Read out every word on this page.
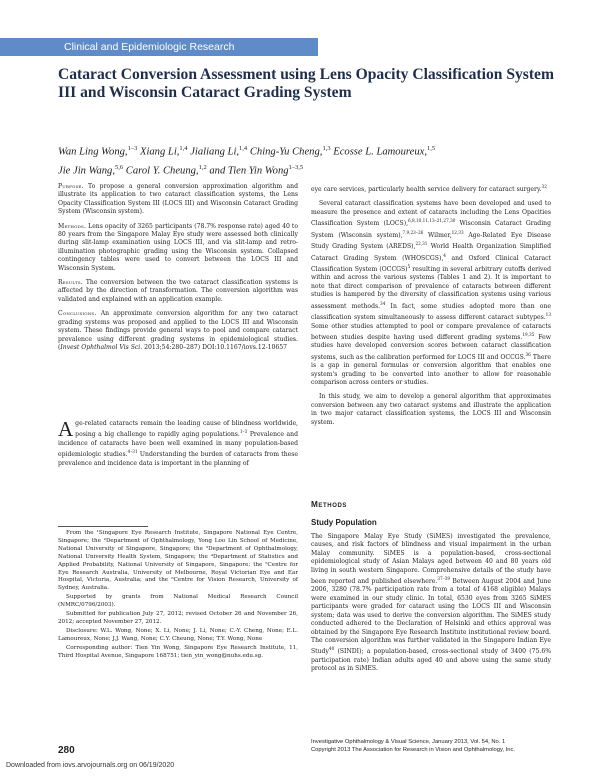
Clinical and Epidemiologic Research
Cataract Conversion Assessment using Lens Opacity Classification System III and Wisconsin Cataract Grading System
Wan Ling Wong,$^{1-3}$ Xiang Li,$^{1,4}$ Jialiang Li,$^{1,4}$ Ching-Yu Cheng,$^{1,3}$ Ecosse L. Lamoureux,$^{1,5}$
Jie Jin Wang,$^{5,6}$ Carol Y. Cheung,$^{1,2}$ and Tien Yin Wong$^{1-3,5}$

Purpose. To propose a general conversion approximation algorithm and illustrate its application to two cataract classification systems, the Lens Opacity Classification System III (LOCS III) and Wisconsin Cataract Grading System (Wisconsin system).

Methods. Lens opacity of 3265 participants (78.7% response rate) aged 40 to 80 years from the Singapore Malay Eye study were assessed both clinically during slit-lamp examination using LOCS III, and via slit-lamp and retro-illumination photographic grading using the Wisconsin system. Collapsed contingency tables were used to convert between the LOCS III and Wisconsin System.

Results. The conversion between the two cataract classification systems is affected by the direction of transformation. The conversion algorithm was validated and explained with an application example.

Conclusions. An approximate conversion algorithm for any two cataract grading systems was proposed and applied to the LOCS III and Wisconsin system. These findings provide general ways to pool and compare cataract prevalence using different grading systems in epidemiological studies. (Invest Ophthalmol Vis Sci. 2013;54:280–287) DOI:10.1167/iovs.12-10657

Age-related cataracts remain the leading cause of blindness worldwide, posing a big challenge to rapidly aging populations.$^{1-3}$ Prevalence and incidence of cataracts have been well examined in many population-based epidemiologic studies.$^{4-31}$ Understanding the burden of cataracts from these prevalence and incidence data is important in the planning of

From the ¹Singapore Eye Research Institute, Singapore National Eye Centre, Singapore; the ²Department of Ophthalmology, Yong Loo Lin School of Medicine, National University of Singapore, Singapore; the ³Department of Ophthalmology, National University Health System, Singapore; the ⁴Department of Statistics and Applied Probability, National University of Singapore, Singapore; the ⁵Centre for Eye Research Australia, University of Melbourne, Royal Victorian Eye and Ear Hospital, Victoria, Australia; and the ⁶Centre for Vision Research, University of Sydney, Australia.

Supported by grants from National Medical Research Council (NMRC/0796/2003).

Submitted for publication July 27, 2012; revised October 26 and November 26, 2012; accepted November 27, 2012.

Disclosure: W.L. Wong, None; X. Li, None; J. Li, None; C.-Y. Cheng, None; E.L. Lamoureux, None; J.J. Wang, None; C.Y. Cheung, None; T.Y. Wong, None

Corresponding author: Tien Yin Wong, Singapore Eye Research Institute, 11, Third Hospital Avenue, Singapore 168751; tien_yin_wong@nuhs.edu.sg.

eye care services, particularly health service delivery for cataract surgery.$^{32}$

Several cataract classification systems have been developed and used to measure the presence and extent of cataracts including the Lens Opacities Classification System (LOCS),$^{6,8,10,11,13-21,27,30}$ Wisconsin Cataract Grading System (Wisconsin system),$^{7,9,23-26}$ Wilmer,$^{12,33}$ Age-Related Eye Disease Study Grading System (AREDS),$^{22,31}$ World Health Organization Simplified Cataract Grading System (WHOSCGS),$^4$ and Oxford Clinical Cataract Classification System (OCCGS)$^5$ resulting in several arbitrary cutoffs derived within and across the various systems (Tables 1 and 2). It is important to note that direct comparison of prevalence of cataracts between different studies is hampered by the diversity of classification systems using various assessment methods.$^{34}$ In fact, some studies adopted more than one classification system simultaneously to assess different cataract subtypes.$^{13}$ Some other studies attempted to pool or compare prevalence of cataracts between studies despite having used different grading systems.$^{19,35}$ Few studies have developed conversion scores between cataract classification systems, such as the calibration performed for LOCS III and OCCGS.$^{36}$ There is a gap in general formulas or conversion algorithm that enables one system's grading to be converted into another to allow for reasonable comparison across centers or studies.

In this study, we aim to develop a general algorithm that approximates conversion between any two cataract systems and illustrate the application in two major cataract classification systems, the LOCS III and Wisconsin system.

Methods
Study Population
The Singapore Malay Eye Study (SiMES) investigated the prevalence, causes, and risk factors of blindness and visual impairment in the urban Malay community. SiMES is a population-based, cross-sectional epidemiological study of Asian Malays aged between 40 and 80 years old living in south western Singapore. Comprehensive details of the study have been reported and published elsewhere.$^{37-39}$ Between August 2004 and June 2006, 3280 (78.7% participation rate from a total of 4168 eligible) Malays were examined in our study clinic. In total, 6530 eyes from 3265 SiMES participants were graded for cataract using the LOCS III and Wisconsin system; data was used to derive the conversion algorithm. The SiMES study conducted adhered to the Declaration of Helsinki and ethics approval was obtained by the Singapore Eye Research Institute institutional review board. The conversion algorithm was further validated in the Singapore Indian Eye Study$^{40}$ (SINDI); a population-based, cross-sectional study of 3400 (75.6% participation rate) Indian adults aged 40 and above using the same study protocol as in SiMES.
280
Investigative Ophthalmology & Visual Science, January 2013, Vol. 54, No. 1
Copyright 2013 The Association for Research in Vision and Ophthalmology, Inc.
Downloaded from iovs.arvojournals.org on 06/19/2020
